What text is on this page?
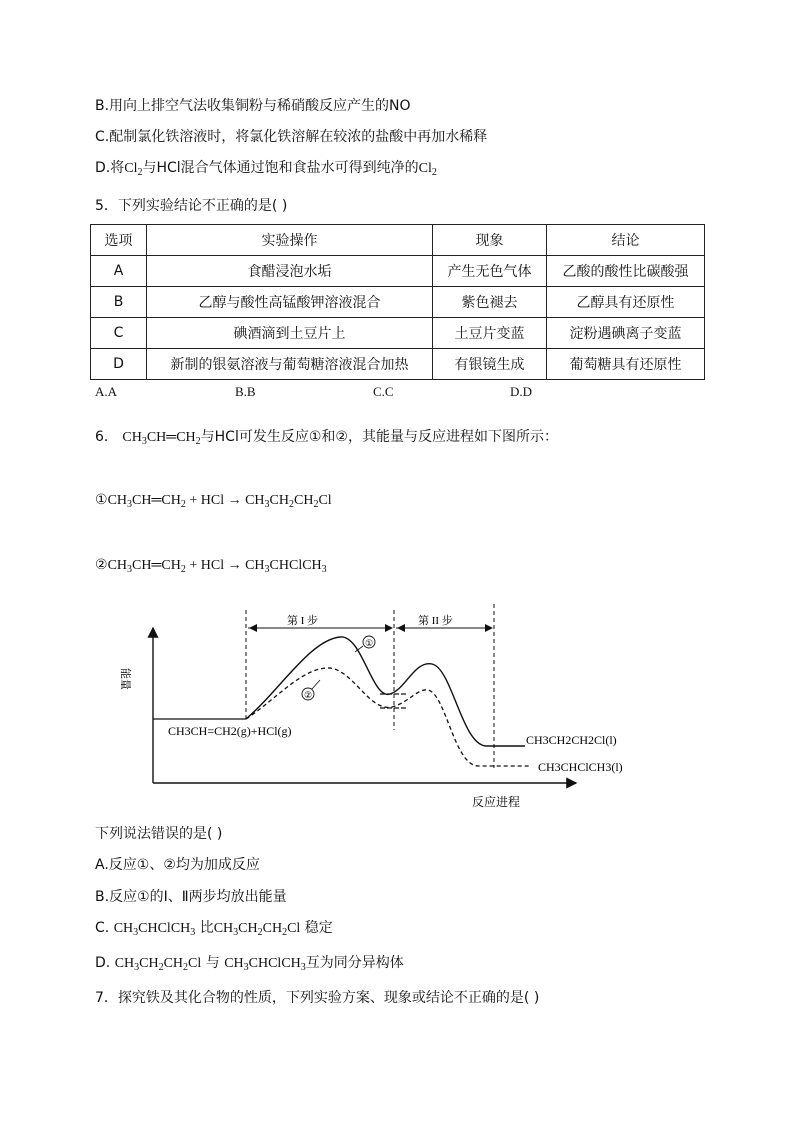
B.用向上排空气法收集铜粉与稀硝酸反应产生的NO
C.配制氯化铁溶液时，将氯化铁溶解在较浓的盐酸中再加水稀释
D.将$Cl_2$与HCl混合气体通过饱和食盐水可得到纯净的$Cl_2$
5．下列实验结论不正确的是( )
选项	实验操作	现象	结论
A	食醋浸泡水垢	产生无色气体	乙酸的酸性比碳酸强
B	乙醇与酸性高锰酸钾溶液混合	紫色褪去	乙醇具有还原性
C	碘酒滴到土豆片上	土豆片变蓝	淀粉遇碘离子变蓝
D	新制的银氨溶液与葡萄糖溶液混合加热	有银镜生成	葡萄糖具有还原性
A.A	B.B	C.C	D.D
6． $CH_3CH═CH_2$与HCl可发生反应①和②，其能量与反应进程如下图所示：
$①CH_3CH═CH_2$ + HCl → $CH_3CH_2CH_2Cl$
$②CH_3CH═CH_2$ + HCl → $CH_3CHClCH_3$
能量
反应进程
第 I 步	第 II 步
①
②
CH3CH=CH2(g)+HCl(g)
CH3CH2CH2Cl(l)
CH3CHClCH3(l)
下列说法错误的是( )
A.反应①、②均为加成反应
B.反应①的Ⅰ、Ⅱ两步均放出能量
C. $CH_3CHClCH_3$ 比$CH_3CH_2CH_2Cl$ 稳定
D. $CH_3CH_2CH_2Cl$ 与 $CH_3CHClCH_3$互为同分异构体
7．探究铁及其化合物的性质，下列实验方案、现象或结论不正确的是( )
